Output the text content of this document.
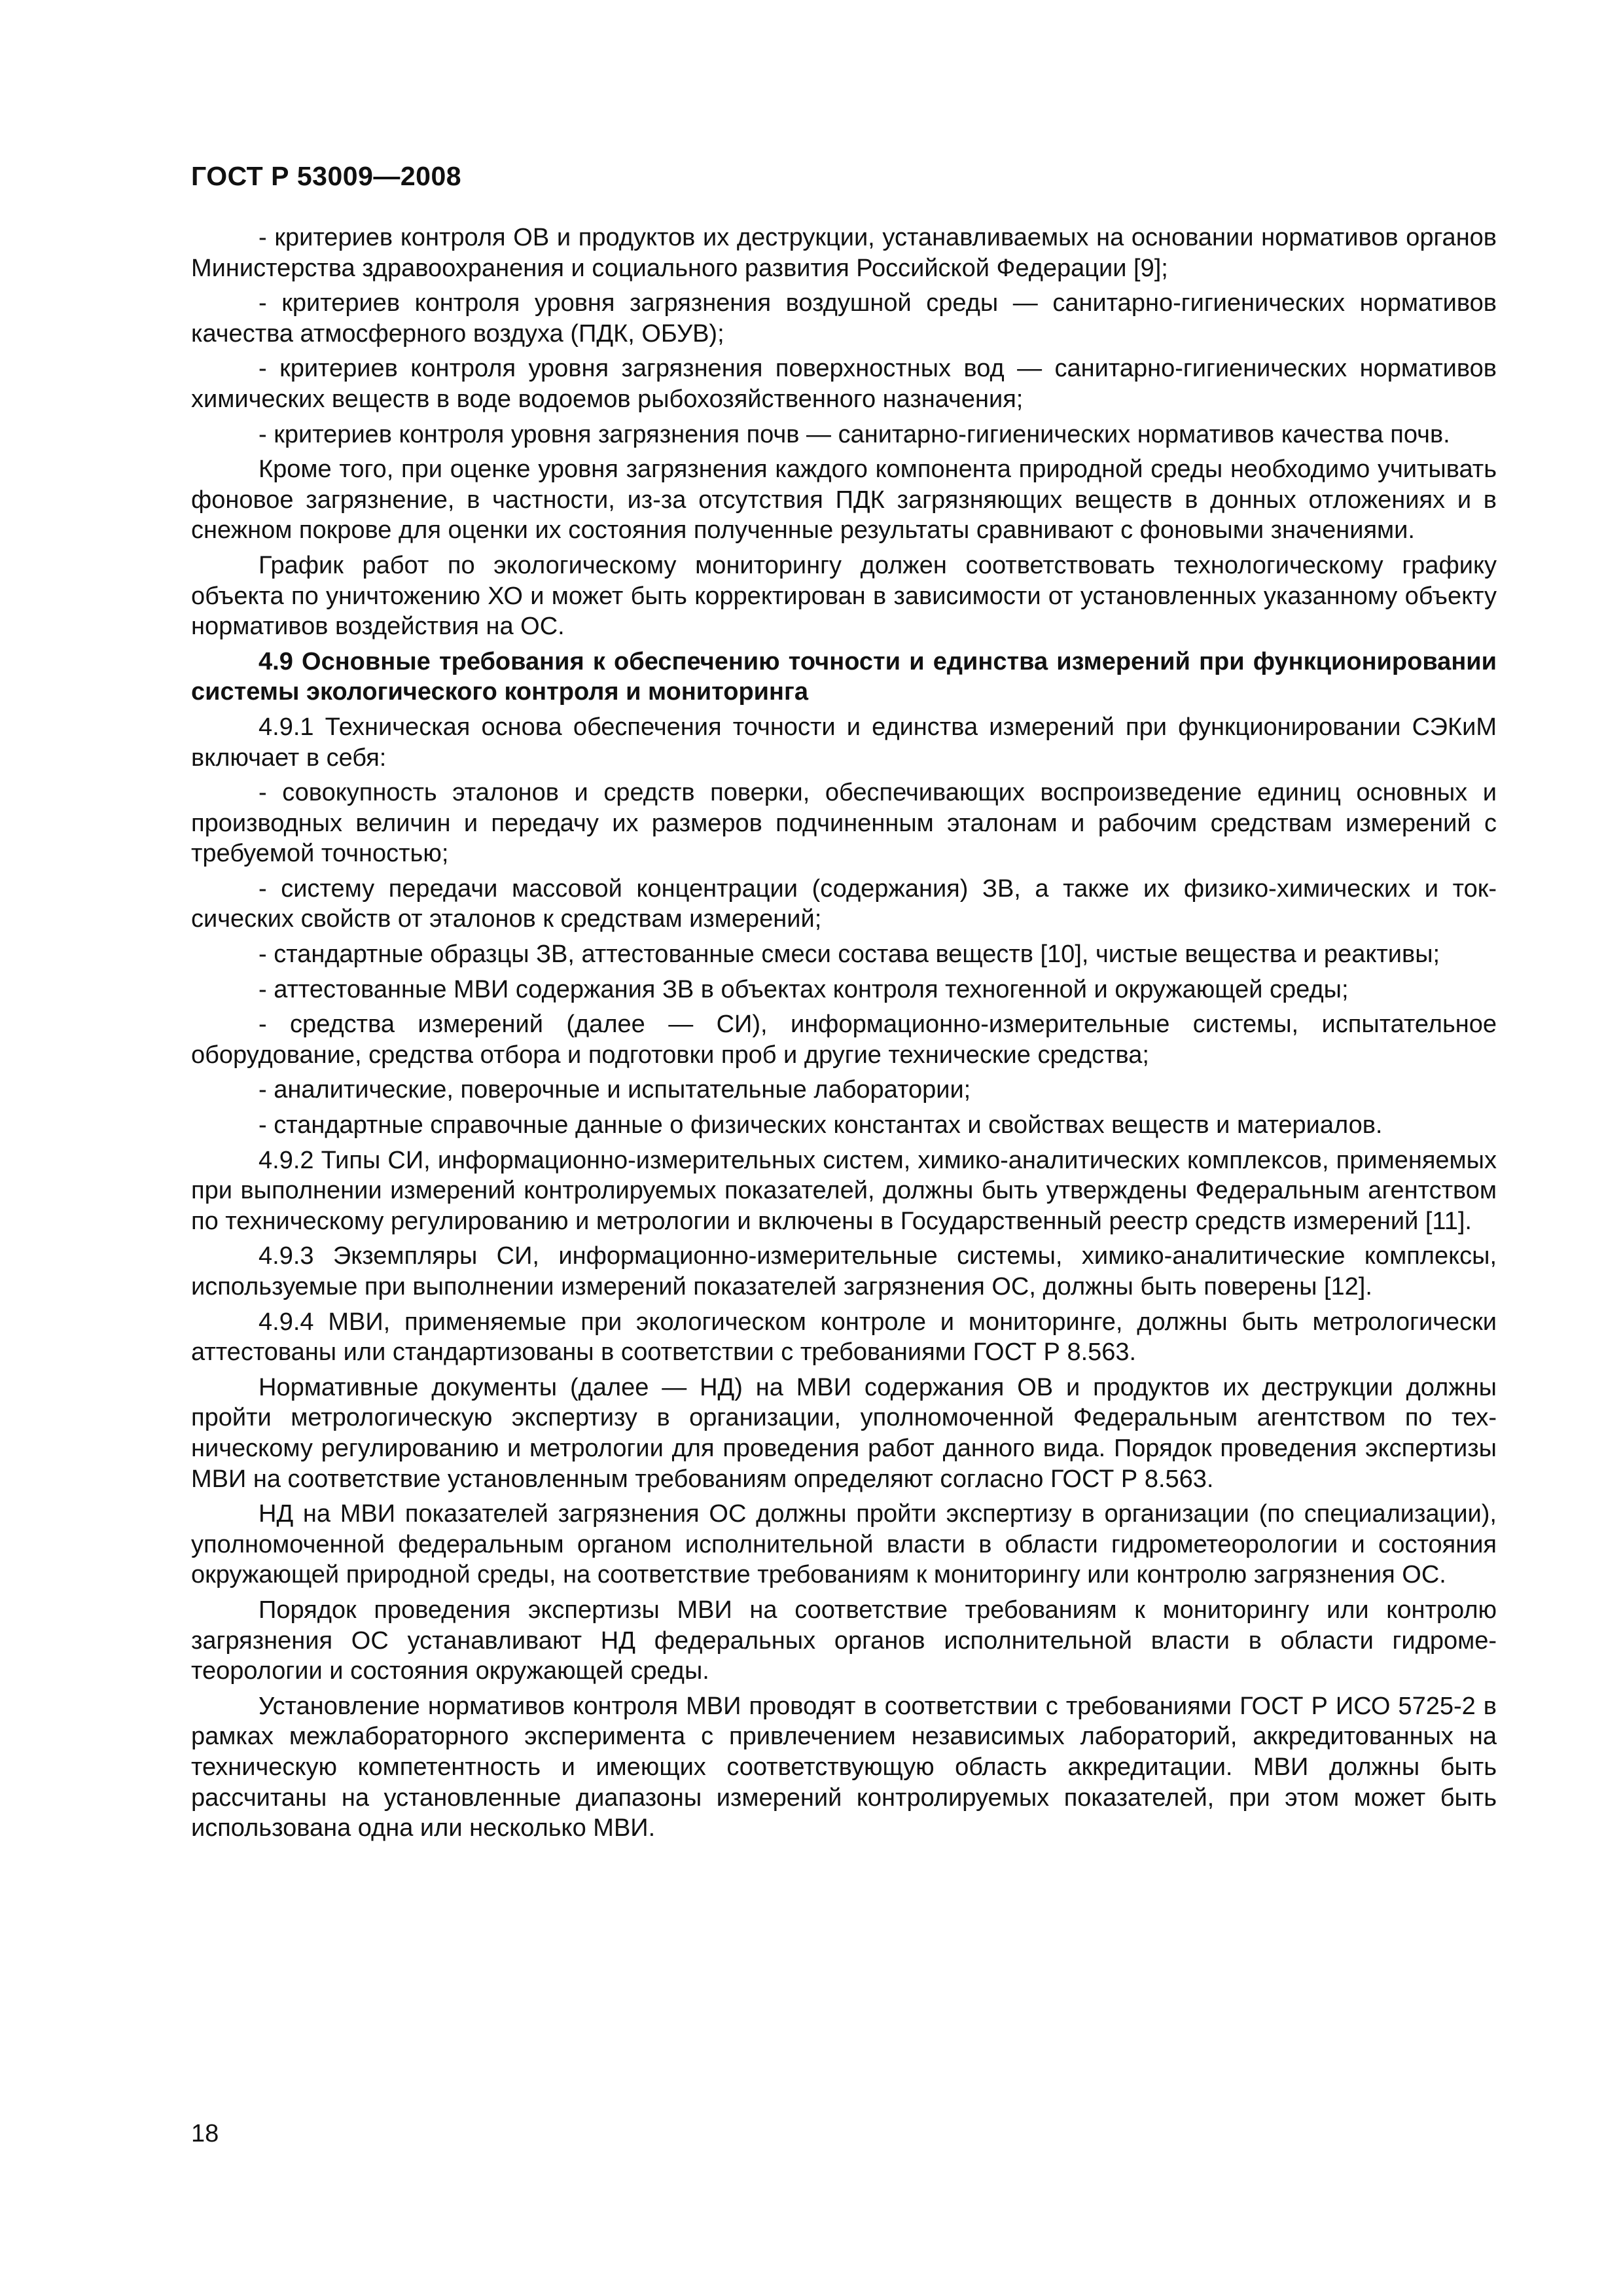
ГОСТ Р 53009—2008

- критериев контроля ОВ и продуктов их деструкции, устанавливаемых на основании нормативов органов Министерства здравоохранения и социального развития Российской Федерации [9];

- критериев контроля уровня загрязнения воздушной среды — санитарно-гигиенических нормативов качества атмосферного воздуха (ПДК, ОБУВ);

- критериев контроля уровня загрязнения поверхностных вод — санитарно-гигиенических нормативов химических веществ в воде водоемов рыбохозяйственного назначения;

- критериев контроля уровня загрязнения почв — санитарно-гигиенических нормативов качества почв.

Кроме того, при оценке уровня загрязнения каждого компонента природной среды необходимо учитывать фоновое загрязнение, в частности, из-за отсутствия ПДК загрязняющих веществ в донных отложениях и в снежном покрове для оценки их состояния полученные результаты сравнивают с фоновыми значениями.

График работ по экологическому мониторингу должен соответствовать технологическому графику объекта по уничтожению ХО и может быть корректирован в зависимости от установленных указанному объекту нормативов воздействия на ОС.

4.9 Основные требования к обеспечению точности и единства измерений при функционировании системы экологического контроля и мониторинга

4.9.1 Техническая основа обеспечения точности и единства измерений при функционировании СЭКиМ включает в себя:

- совокупность эталонов и средств поверки, обеспечивающих воспроизведение единиц основных и производных величин и передачу их размеров подчиненным эталонам и рабочим средствам измерений с требуемой точностью;

- систему передачи массовой концентрации (содержания) ЗВ, а также их физико-химических и токсических свойств от эталонов к средствам измерений;

- стандартные образцы ЗВ, аттестованные смеси состава веществ [10], чистые вещества и реактивы;

- аттестованные МВИ содержания ЗВ в объектах контроля техногенной и окружающей среды;

- средства измерений (далее — СИ), информационно-измерительные системы, испытательное оборудование, средства отбора и подготовки проб и другие технические средства;

- аналитические, поверочные и испытательные лаборатории;

- стандартные справочные данные о физических константах и свойствах веществ и материалов.

4.9.2 Типы СИ, информационно-измерительных систем, химико-аналитических комплексов, применяемых при выполнении измерений контролируемых показателей, должны быть утверждены Федеральным агентством по техническому регулированию и метрологии и включены в Государственный реестр средств измерений [11].

4.9.3 Экземпляры СИ, информационно-измерительные системы, химико-аналитические комплексы, используемые при выполнении измерений показателей загрязнения ОС, должны быть поверены [12].

4.9.4 МВИ, применяемые при экологическом контроле и мониторинге, должны быть метрологически аттестованы или стандартизованы в соответствии с требованиями ГОСТ Р 8.563.

Нормативные документы (далее — НД) на МВИ содержания ОВ и продуктов их деструкции должны пройти метрологическую экспертизу в организации, уполномоченной Федеральным агентством по техническому регулированию и метрологии для проведения работ данного вида. Порядок проведения экспертизы МВИ на соответствие установленным требованиям определяют согласно ГОСТ Р 8.563.

НД на МВИ показателей загрязнения ОС должны пройти экспертизу в организации (по специализации), уполномоченной федеральным органом исполнительной власти в области гидрометеорологии и состояния окружающей природной среды, на соответствие требованиям к мониторингу или контролю загрязнения ОС.

Порядок проведения экспертизы МВИ на соответствие требованиям к мониторингу или контролю загрязнения ОС устанавливают НД федеральных органов исполнительной власти в области гидрометеорологии и состояния окружающей среды.

Установление нормативов контроля МВИ проводят в соответствии с требованиями ГОСТ Р ИСО 5725-2 в рамках межлабораторного эксперимента с привлечением независимых лабораторий, аккредитованных на техническую компетентность и имеющих соответствующую область аккредитации. МВИ должны быть рассчитаны на установленные диапазоны измерений контролируемых показателей, при этом может быть использована одна или несколько МВИ.

18
